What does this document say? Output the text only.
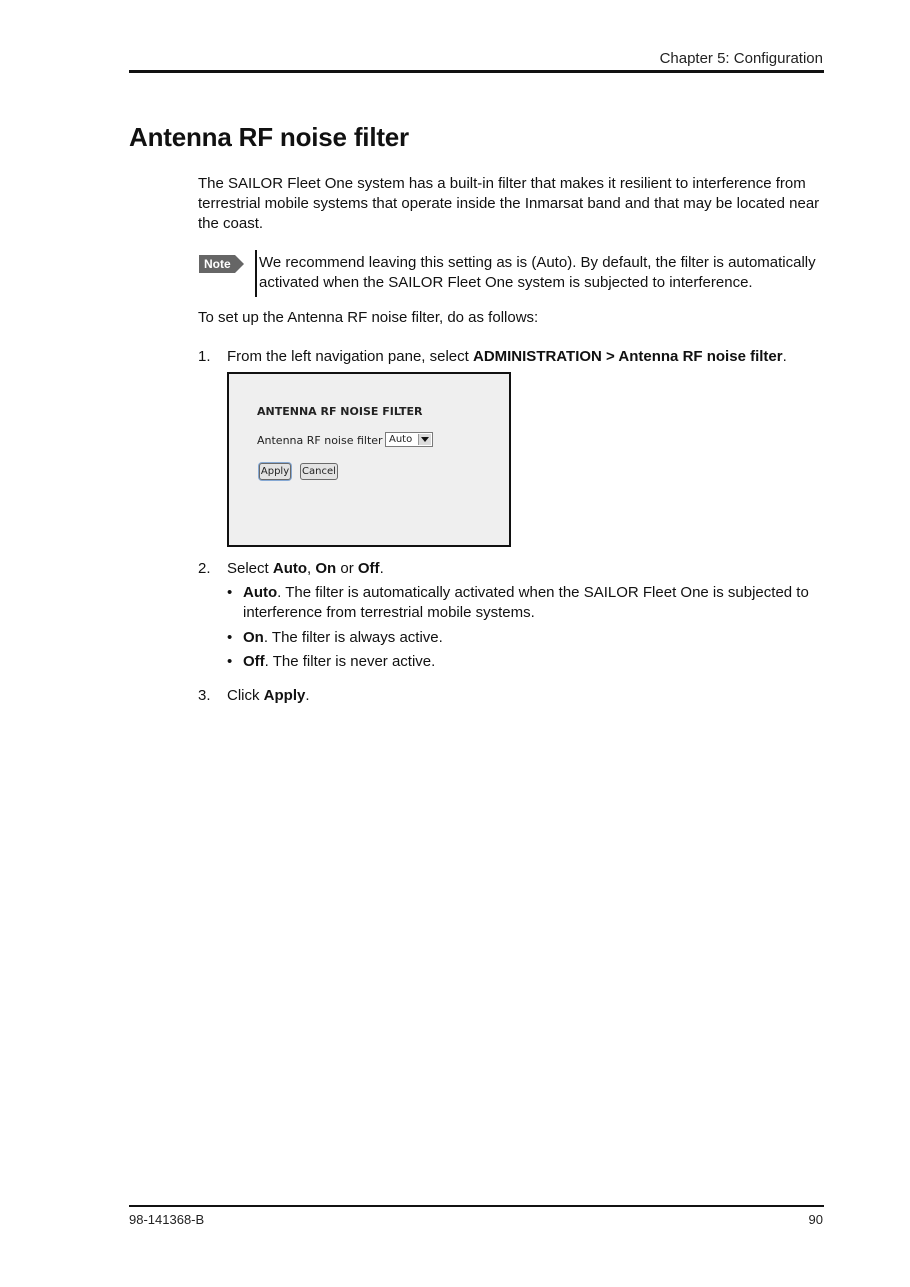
Chapter 5: Configuration
Antenna RF noise filter

The SAILOR Fleet One system has a built-in filter that makes it resilient to interference from terrestrial mobile systems that operate inside the Inmarsat band and that may be located near the coast.

Note We recommend leaving this setting as is (Auto). By default, the filter is automatically activated when the SAILOR Fleet One system is subjected to interference.

To set up the Antenna RF noise filter, do as follows:

1. From the left navigation pane, select ADMINISTRATION > Antenna RF noise filter.
ANTENNA RF NOISE FILTER
Antenna RF noise filter Auto
Apply Cancel
2. Select Auto, On or Off.
• Auto. The filter is automatically activated when the SAILOR Fleet One is subjected to interference from terrestrial mobile systems.
• On. The filter is always active.
• Off. The filter is never active.
3. Click Apply.
98-141368-B	90
